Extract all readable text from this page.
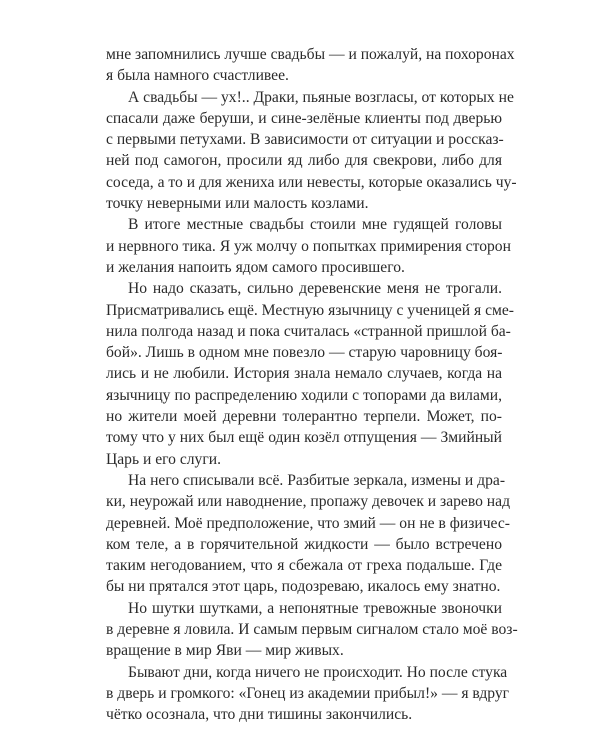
мне запомнились лучше свадьбы — и пожалуй, на похоронах
я была намного счастливее.
А свадьбы — ух!.. Драки, пьяные возгласы, от которых не
спасали даже беруши, и сине-зелёные клиенты под дверью
с первыми петухами. В зависимости от ситуации и россказ-
ней под самогон, просили яд либо для свекрови, либо для
соседа, а то и для жениха или невесты, которые оказались чу-
точку неверными или малость козлами.
В итоге местные свадьбы стоили мне гудящей головы
и нервного тика. Я уж молчу о попытках примирения сторон
и желания напоить ядом самого просившего.
Но надо сказать, сильно деревенские меня не трогали.
Присматривались ещё. Местную язычницу с ученицей я сме-
нила полгода назад и пока считалась «странной пришлой ба-
бой». Лишь в одном мне повезло — старую чаровницу боя-
лись и не любили. История знала немало случаев, когда на
язычницу по распределению ходили с топорами да вилами,
но жители моей деревни толерантно терпели. Может, по-
тому что у них был ещё один козёл отпущения — Змийный
Царь и его слуги.
На него списывали всё. Разбитые зеркала, измены и дра-
ки, неурожай или наводнение, пропажу девочек и зарево над
деревней. Моё предположение, что змий — он не в физичес-
ком теле, а в горячительной жидкости — было встречено
таким негодованием, что я сбежала от греха подальше. Где
бы ни прятался этот царь, подозреваю, икалось ему знатно.
Но шутки шутками, а непонятные тревожные звоночки
в деревне я ловила. И самым первым сигналом стало моё воз-
вращение в мир Яви — мир живых.
Бывают дни, когда ничего не происходит. Но после стука
в дверь и громкого: «Гонец из академии прибыл!» — я вдруг
чётко осознала, что дни тишины закончились.
